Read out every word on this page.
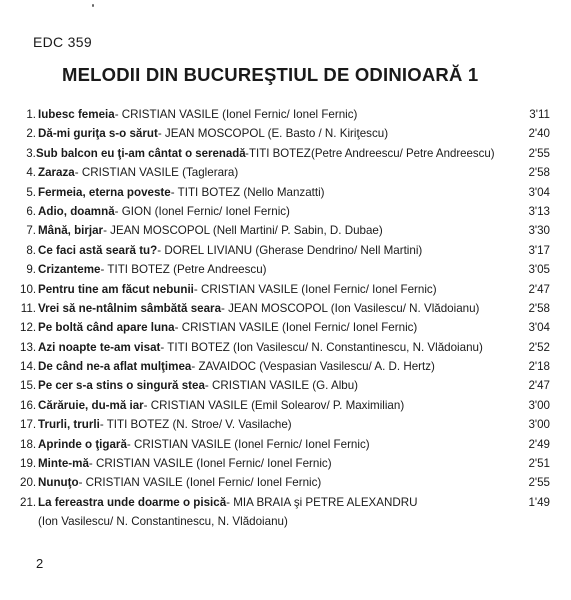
EDC 359
MELODII DIN BUCUREŞTIUL DE ODINIOARĂ 1
1. Iubesc femeia- CRISTIAN VASILE (Ionel Fernic/ Ionel Fernic)	3'11
2. Dă-mi guriţa s-o sărut- JEAN MOSCOPOL (E. Basto / N. Kiriţescu)	2'40
3.Sub balcon eu ţi-am cântat o serenadă-TITI BOTEZ(Petre Andreescu/ Petre Andreescu)	2'55
4. Zaraza- CRISTIAN VASILE (Taglerara)	2'58
5. Fermeia, eterna poveste- TITI BOTEZ (Nello Manzatti)	3'04
6. Adio, doamnă- GION (Ionel Fernic/ Ionel Fernic)	3'13
7. Mână, birjar- JEAN MOSCOPOL (Nell Martini/ P. Sabin, D. Dubae)	3'30
8. Ce faci astă seară tu?- DOREL LIVIANU (Gherase Dendrino/ Nell Martini)	3'17
9. Crizanteme- TITI BOTEZ (Petre Andreescu)	3'05
10. Pentru tine am făcut nebunii- CRISTIAN VASILE (Ionel Fernic/ Ionel Fernic)	2'47
11. Vrei să ne-ntâlnim sâmbătă seara- JEAN MOSCOPOL (Ion Vasilescu/ N. Vlădoianu)	2'58
12. Pe boltă când apare luna- CRISTIAN VASILE (Ionel Fernic/ Ionel Fernic)	3'04
13. Azi noapte te-am visat- TITI BOTEZ (Ion Vasilescu/ N. Constantinescu, N. Vlădoianu)	2'52
14. De când ne-a aflat mulţimea- ZAVAIDOC (Vespasian Vasilescu/ A. D. Hertz)	2'18
15. Pe cer s-a stins o singură stea- CRISTIAN VASILE (G. Albu)	2'47
16. Cărăruie, du-mă iar- CRISTIAN VASILE (Emil Solearov/ P. Maximilian)	3'00
17. Trurli, trurli- TITI BOTEZ (N. Stroe/ V. Vasilache)	3'00
18. Aprinde o ţigară- CRISTIAN VASILE (Ionel Fernic/ Ionel Fernic)	2'49
19. Minte-mă- CRISTIAN VASILE (Ionel Fernic/ Ionel Fernic)	2'51
20. Nunuţo- CRISTIAN VASILE (Ionel Fernic/ Ionel Fernic)	2'55
21. La fereastra unde doarme o pisică- MIA BRAIA şi PETRE ALEXANDRU	1'49
(Ion Vasilescu/ N. Constantinescu, N. Vlădoianu)
2
